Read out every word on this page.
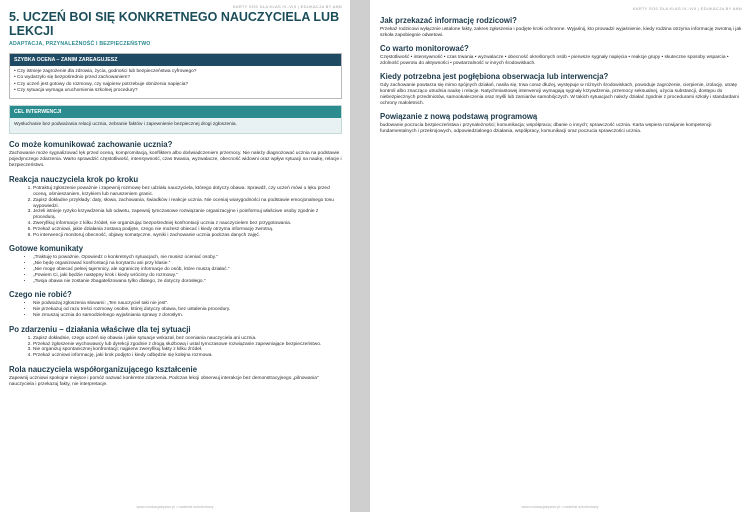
KARTY SOS DLA KLAS IV–VIII | EDUKACJA BY ANN
5. UCZEŃ BOI SIĘ KONKRETNEGO NAUCZYCIELA LUB LEKCJI
ADAPTACJA, PRZYNALEŻNOŚĆ I BEZPIECZEŃSTWO
SZYBKA OCENA – ZANIM ZAREAGUJESZ
• Czy istnieje zagrożenie dla zdrowia, życia, godności lub bezpieczeństwa cyfrowego?
• Co wydarzyło się bezpośrednio przed zachowaniem?
• Czy uczeń jest gotowy do rozmowy, czy najpierw potrzebuje obniżenia napięcia?
• Czy sytuacja wymaga uruchomienia szkolnej procedury?
CEL INTERWENCJI

Wysłuchanie bez podważania relacji ucznia, zebranie faktów i zapewnienie bezpiecznej drogi zgłoszenia.

Co może komunikować zachowanie ucznia?

Zachowanie może sygnalizować lęk przed oceną, kompromitacją, konfliktem albo doświadczeniem przemocy. Nie należy diagnozować ucznia na podstawie pojedynczego zdarzenia. Warto sprawdzić częstotliwość, intensywność, czas trwania, wyzwalacze, obecność widowni oraz wpływ sytuacji na naukę, relacje i bezpieczeństwo.

Reakcja nauczyciela krok po kroku
1. Potraktuj zgłoszenie poważnie i zapewnij rozmowę bez udziału nauczyciela, którego dotyczy obawa. Sprawdź, czy uczeń mówi o lęku przed oceną, ośmieszaniem, krzykiem lub naruszeniem granic.
2. Zapisz dokładne przykłady: daty, słowa, zachowania, świadków i reakcje ucznia. Nie oceniaj wiarygodności na podstawie emocjonalnego tonu wypowiedzi.
3. Jeżeli istnieje ryzyko krzywdzenia lub odwetu, zapewnij tymczasowe rozwiązanie organizacyjne i poinformuj właściwe osoby zgodnie z procedurą.
4. Zweryfikuj informacje z kilku źródeł, nie organizując bezpośredniej konfrontacji ucznia z nauczycielem bez przygotowania.
5. Przekaż uczniowi, jakie działania zostaną podjęte, czego nie możesz obiecać i kiedy otrzyma informację zwrotną.
6. Po interwencji monitoruj obecność, objawy somatyczne, wyniki i zachowanie ucznia podczas danych zajęć.
Gotowe komunikaty
• „Traktuję to poważnie. Opowiedz o konkretnych sytuacjach, nie musisz oceniać osoby.”
• „Nie będę organizować konfrontacji na korytarzu ani przy klasie.”
• „Nie mogę obiecać pełnej tajemnicy, ale ograniczę informacje do osób, które muszą działać.”
• „Powiem Ci, jaki będzie następny krok i kiedy wrócimy do rozmowy.”
• „Twoja obawa nie zostanie zbagatelizowana tylko dlatego, że dotyczy dorosłego.”
Czego nie robić?
• Nie podważaj zgłoszenia słowami: „Ten nauczyciel taki nie jest”.
• Nie przekazuj od razu treści rozmowy osobie, której dotyczy obawa, bez ustalenia procedury.
• Nie zmuszaj ucznia do samodzielnego wyjaśniania sprawy z dorosłym.
Po zdarzeniu – działania właściwe dla tej sytuacji
1. Zapisz dokładnie, czego uczeń się obawia i jakie sytuacje wskazał, bez oceniania nauczyciela ani ucznia.
2. Przekaż zgłoszenie wychowawcy lub dyrekcji zgodnie z drogą służbową i ustal tymczasowe rozwiązanie zapewniające bezpieczeństwo.
3. Nie organizuj spontanicznej konfrontacji; najpierw zweryfikuj fakty z kilku źródeł.
4. Przekaż uczniowi informację, jaki krok podjęto i kiedy odbędzie się kolejna rozmowa.
Rola nauczyciela współorganizującego kształcenie

Zapewnij uczniowi spokojne miejsce i pomóż nazwać konkretne zdarzenia. Podczas lekcji obserwuj interakcje bez demonstracyjnego „pilnowania” nauczyciela i przekazuj fakty, nie interpretacje.

www.edukacjabyann.pl • materiał szkoleniowy
KARTY SOS DLA KLAS IV–VIII | EDUKACJA BY ANN
Jak przekazać informację rodzicowi?

Przekaż rodzicowi wyłącznie ustalone fakty, zakres zgłoszenia i podjęte kroki ochronne. Wyjaśnij, kto prowadzi wyjaśnienie, kiedy rodzina otrzyma informację zwrotną i jak szkoła zapobiegnie odwetowi.

Co warto monitorować?

Częstotliwość • intensywność • czas trwania • wyzwalacze • obecność określonych osób • pierwsze sygnały napięcia • reakcje grupy • skuteczne sposoby wsparcia • zdolność powrotu do aktywności • powtarzalność w innych środowiskach.

Kiedy potrzebna jest pogłębiona obserwacja lub interwencja?

Gdy zachowanie powtarza się mimo spójnych działań, nasila się, trwa coraz dłużej, występuje w różnych środowiskach, powoduje zagrożenie, cierpienie, izolację, utratę kontroli albo znacząco utrudnia naukę i relacje. Natychmiastowej interwencji wymagają sygnały krzywdzenia, przemocy seksualnej, użycia substancji, dostępu do niebezpiecznych przedmiotów, samookaleczenia oraz myśli lub zamiarów samobójczych. W takich sytuacjach należy działać zgodnie z procedurami szkoły i standardami ochrony małoletnich.

Powiązanie z nową podstawą programową

budowanie poczucia bezpieczeństwa i przynależności; komunikacja; współpraca; dbanie o innych; sprawczość ucznia. Karta wspiera rozwijanie kompetencji fundamentalnych i przekrojowych, odpowiedzialnego działania, współpracy, komunikacji oraz poczucia sprawczości ucznia.

www.edukacjabyann.pl • materiał szkoleniowy
